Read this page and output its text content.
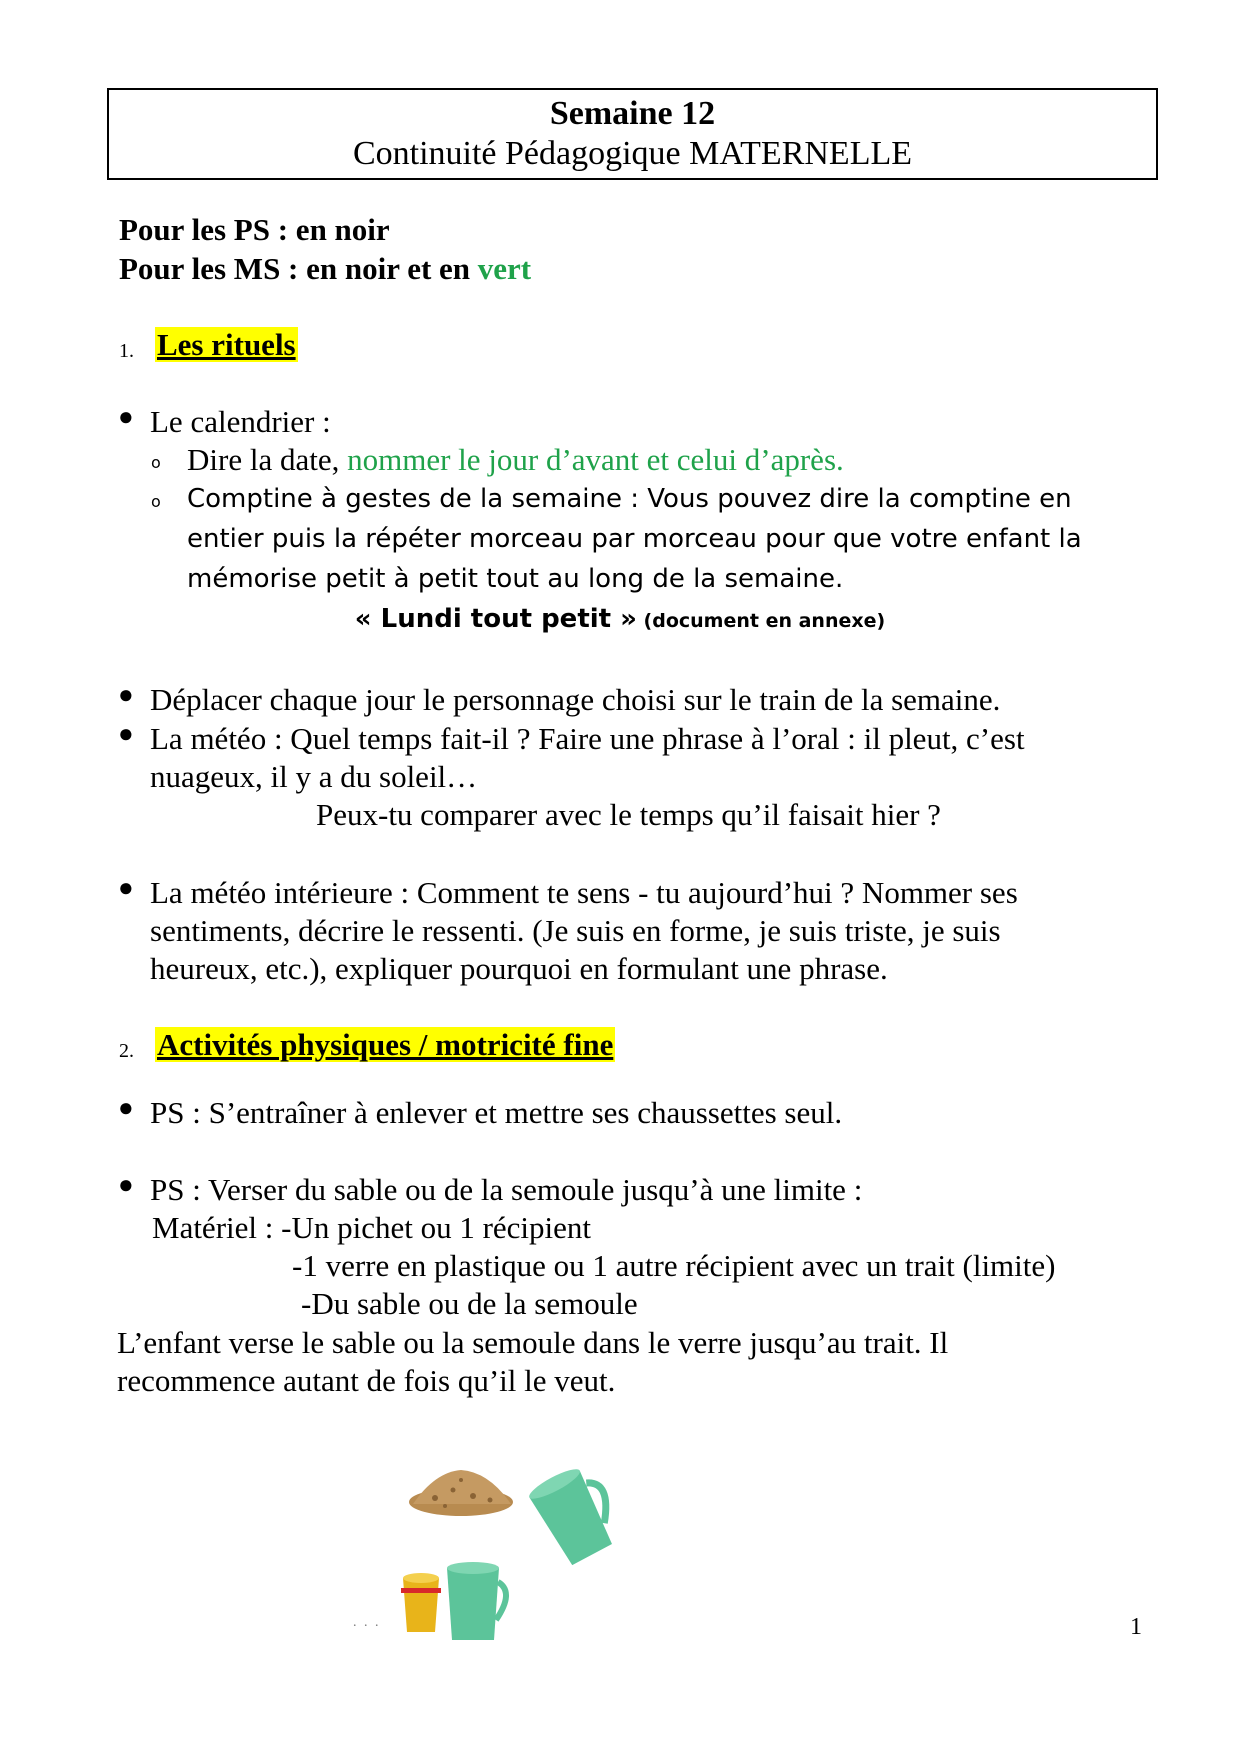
Semaine 12
Continuité Pédagogique MATERNELLE
Pour les PS : en noir
Pour les MS : en noir et en vert
1. Les rituels
● Le calendrier :
o Dire la date, nommer le jour d’avant et celui d’après.
o Comptine à gestes de la semaine : Vous pouvez dire la comptine en
entier puis la répéter morceau par morceau pour que votre enfant la
mémorise petit à petit tout au long de la semaine.
« Lundi tout petit » (document en annexe)
● Déplacer chaque jour le personnage choisi sur le train de la semaine.
● La météo : Quel temps fait-il ? Faire une phrase à l’oral : il pleut, c’est
nuageux, il y a du soleil…
Peux-tu comparer avec le temps qu’il faisait hier ?
● La météo intérieure : Comment te sens - tu aujourd’hui ? Nommer ses
sentiments, décrire le ressenti. (Je suis en forme, je suis triste, je suis
heureux, etc.), expliquer pourquoi en formulant une phrase.
2. Activités physiques / motricité fine
● PS : S’entraîner à enlever et mettre ses chaussettes seul.
● PS : Verser du sable ou de la semoule jusqu’à une limite :
Matériel : -Un pichet ou 1 récipient
-1 verre en plastique ou 1 autre récipient avec un trait (limite)
-Du sable ou de la semoule
L’enfant verse le sable ou la semoule dans le verre jusqu’au trait. Il
recommence autant de fois qu’il le veut.
. . .	1
